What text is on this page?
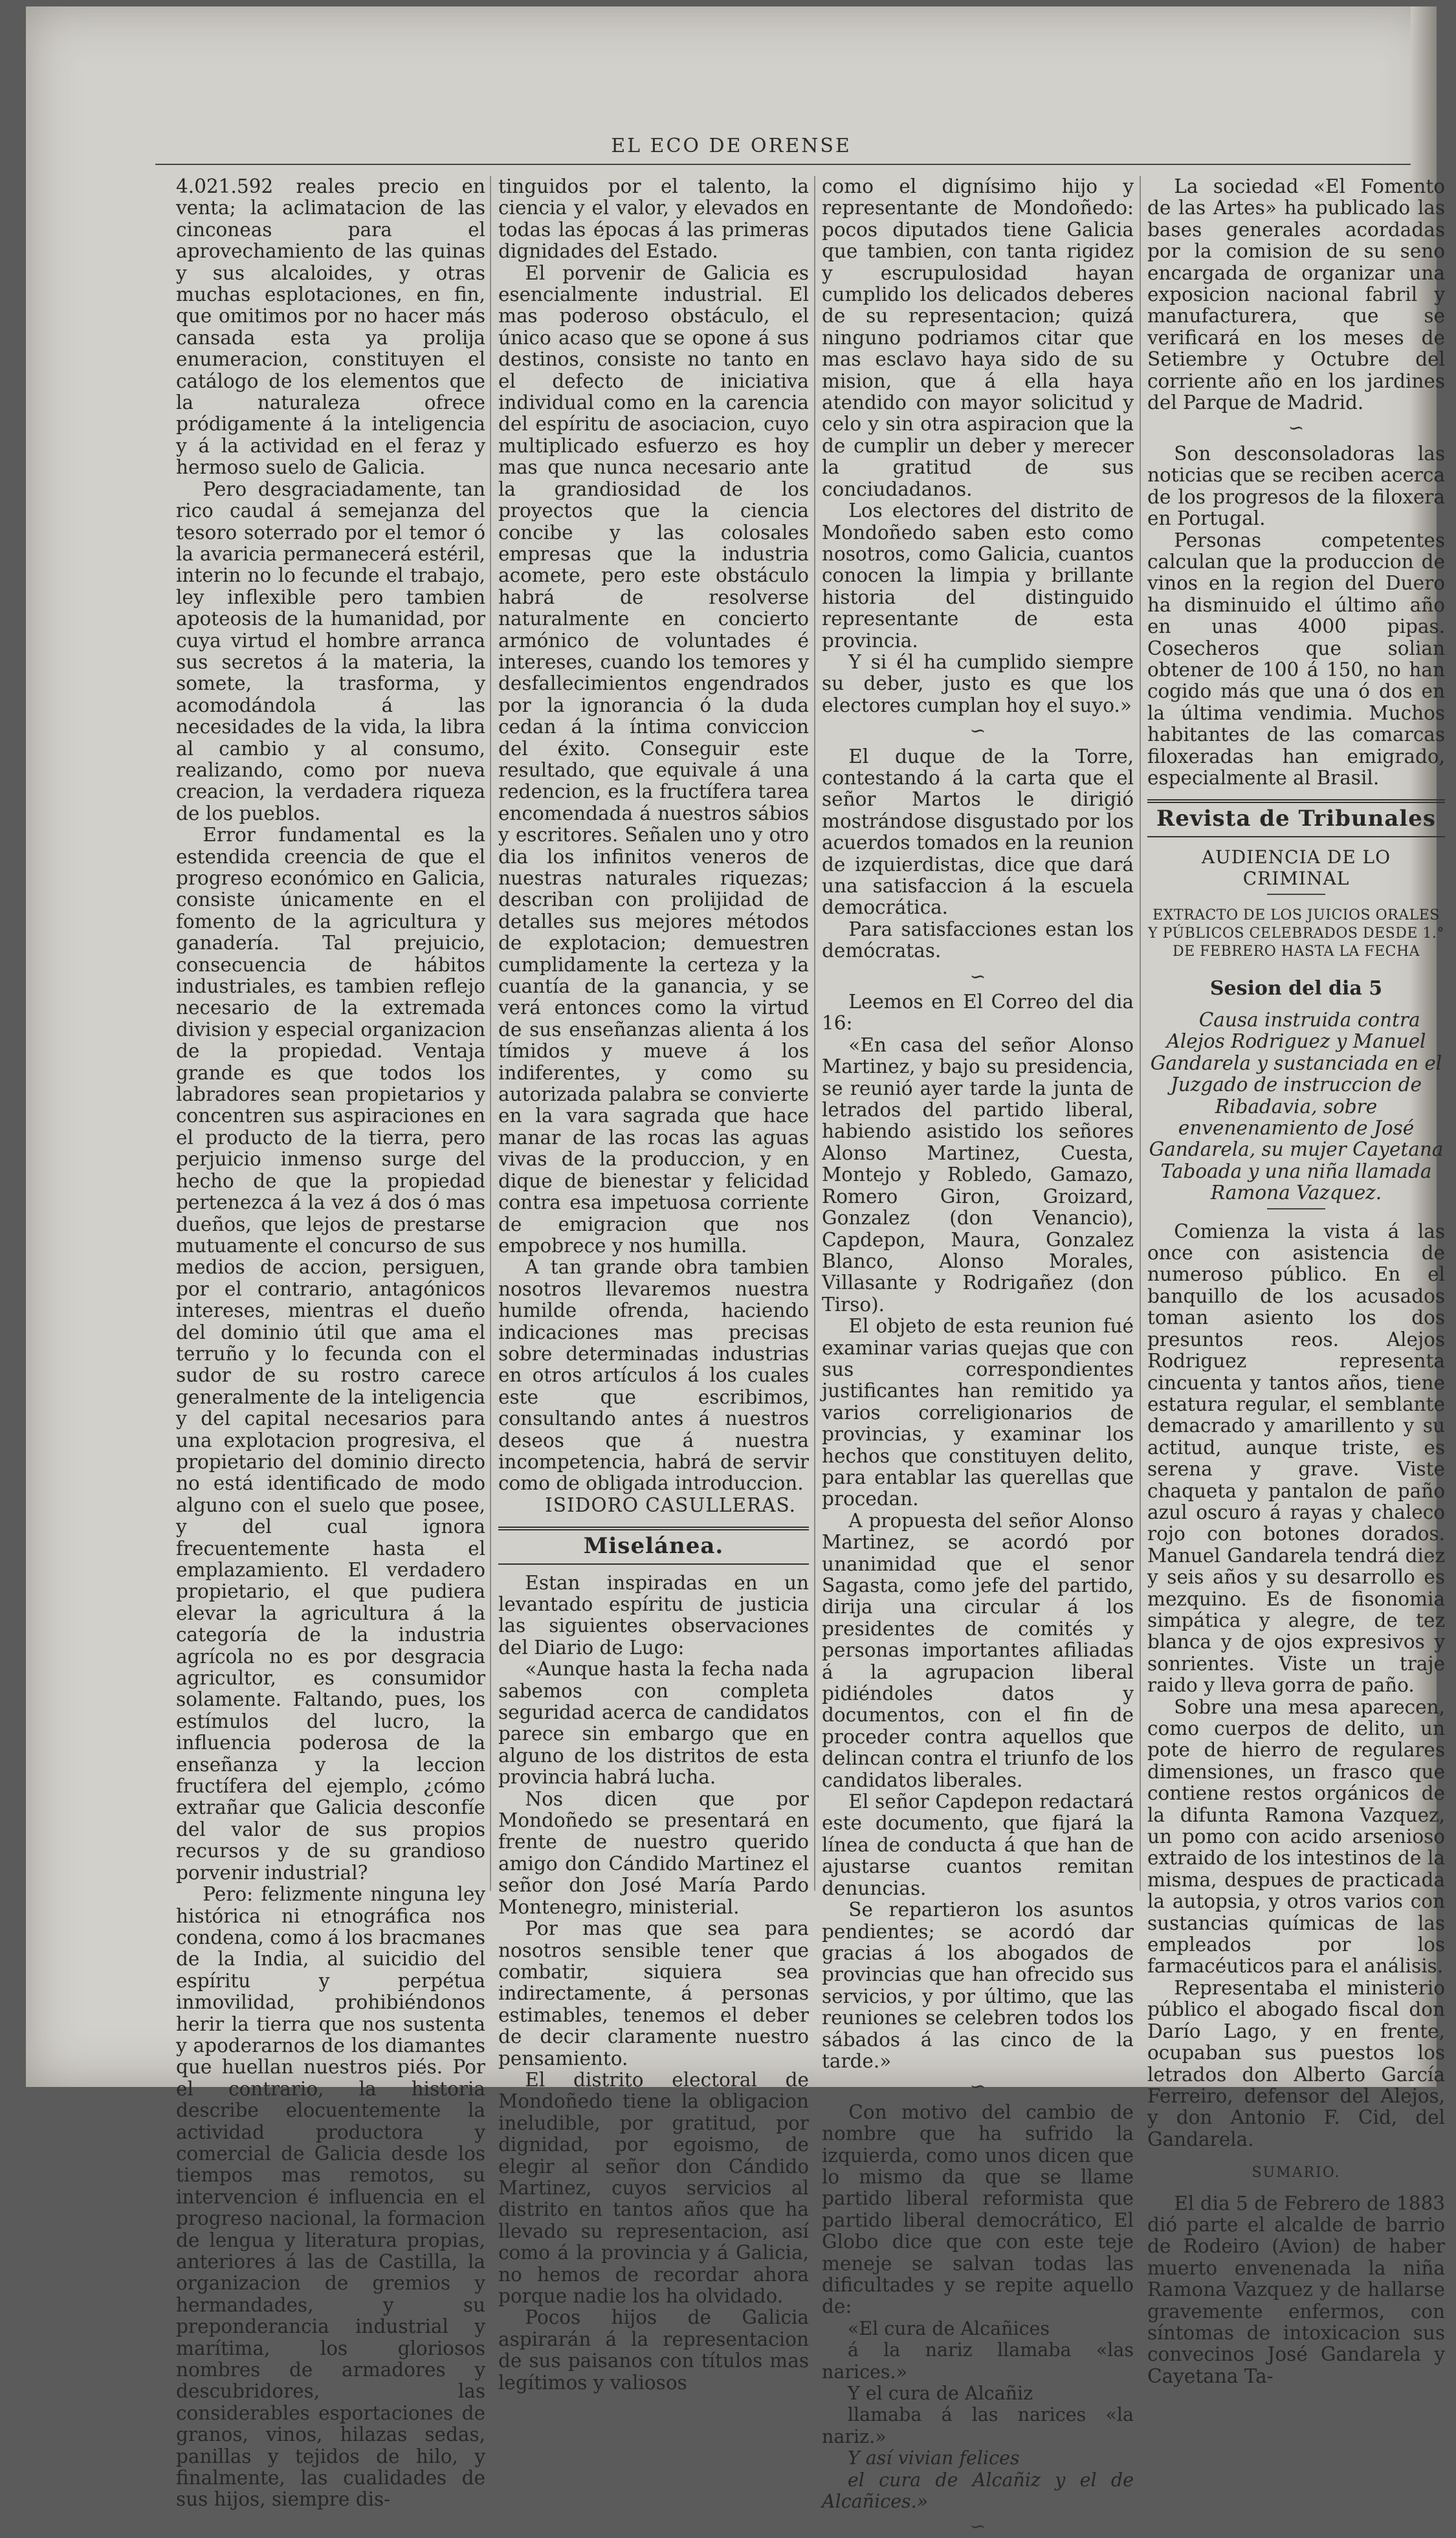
EL ECO DE ORENSE

4.021.592 reales precio en venta; la aclimatacion de las cinconeas para el aprovechamiento de las quinas y sus alcaloides, y otras muchas esplotaciones, en fin, que omitimos por no hacer más cansada esta ya prolija enumeracion, constituyen el catálogo de los elementos que la naturaleza ofrece pródigamente á la inteligencia y á la actividad en el feraz y hermoso suelo de Galicia.

Pero desgraciadamente, tan rico caudal á semejanza del tesoro soterrado por el temor ó la avaricia permanecerá estéril, interin no lo fecunde el trabajo, ley inflexible pero tambien apoteosis de la humanidad, por cuya virtud el hombre arranca sus secretos á la materia, la somete, la trasforma, y acomodándola á las necesidades de la vida, la libra al cambio y al consumo, realizando, como por nueva creacion, la verdadera riqueza de los pueblos.

Error fundamental es la estendida creencia de que el progreso económico en Galicia, consiste únicamente en el fomento de la agricultura y ganadería. Tal prejuicio, consecuencia de hábitos industriales, es tambien reflejo necesario de la extremada division y especial organizacion de la propiedad. Ventaja grande es que todos los labradores sean propietarios y concentren sus aspiraciones en el producto de la tierra, pero perjuicio inmenso surge del hecho de que la propiedad pertenezca á la vez á dos ó mas dueños, que lejos de prestarse mutuamente el concurso de sus medios de accion, persiguen, por el contrario, antagónicos intereses, mientras el dueño del dominio útil que ama el terruño y lo fecunda con el sudor de su rostro carece generalmente de la inteligencia y del capital necesarios para una explotacion progresiva, el propietario del dominio directo no está identificado de modo alguno con el suelo que posee, y del cual ignora frecuentemente hasta el emplazamiento. El verdadero propietario, el que pudiera elevar la agricultura á la categoría de la industria agrícola no es por desgracia agricultor, es consumidor solamente. Faltando, pues, los estímulos del lucro, la influencia poderosa de la enseñanza y la leccion fructífera del ejemplo, ¿cómo extrañar que Galicia desconfíe del valor de sus propios recursos y de su grandioso porvenir industrial?

Pero: felizmente ninguna ley histórica ni etnográfica nos condena, como á los bracmanes de la India, al suicidio del espíritu y perpétua inmovilidad, prohibiéndonos herir la tierra que nos sustenta y apoderarnos de los diamantes que huellan nuestros piés. Por el contrario, la historia describe elocuentemente la actividad productora y comercial de Galicia desde los tiempos mas remotos, su intervencion é influencia en el progreso nacional, la formacion de lengua y literatura propias, anteriores á las de Castilla, la organizacion de gremios y hermandades, y su preponderancia industrial y marítima, los gloriosos nombres de armadores y descubridores, las considerables esportaciones de granos, vinos, hilazas sedas, panillas y tejidos de hilo, y finalmente, las cualidades de sus hijos, siempre dis-

tinguidos por el talento, la ciencia y el valor, y elevados en todas las épocas á las primeras dignidades del Estado.

El porvenir de Galicia es esencialmente industrial. El mas poderoso obstáculo, el único acaso que se opone á sus destinos, consiste no tanto en el defecto de iniciativa individual como en la carencia del espíritu de asociacion, cuyo multiplicado esfuerzo es hoy mas que nunca necesario ante la grandiosidad de los proyectos que la ciencia concibe y las colosales empresas que la industria acomete, pero este obstáculo habrá de resolverse naturalmente en concierto armónico de voluntades é intereses, cuando los temores y desfallecimientos engendrados por la ignorancia ó la duda cedan á la íntima conviccion del éxito. Conseguir este resultado, que equivale á una redencion, es la fructífera tarea encomendada á nuestros sábios y escritores. Señalen uno y otro dia los infinitos veneros de nuestras naturales riquezas; describan con prolijidad de detalles sus mejores métodos de explotacion; demuestren cumplidamente la certeza y la cuantía de la ganancia, y se verá entonces como la virtud de sus enseñanzas alienta á los tímidos y mueve á los indiferentes, y como su autorizada palabra se convierte en la vara sagrada que hace manar de las rocas las aguas vivas de la produccion, y en dique de bienestar y felicidad contra esa impetuosa corriente de emigracion que nos empobrece y nos humilla.

A tan grande obra tambien nosotros llevaremos nuestra humilde ofrenda, haciendo indicaciones mas precisas sobre determinadas industrias en otros artículos á los cuales este que escribimos, consultando antes á nuestros deseos que á nuestra incompetencia, habrá de servir como de obligada introduccion.

ISIDORO CASULLERAS.

Miselánea.

Estan inspiradas en un levantado espíritu de justicia las siguientes observaciones del Diario de Lugo:

«Aunque hasta la fecha nada sabemos con completa seguridad acerca de candidatos parece sin embargo que en alguno de los distritos de esta provincia habrá lucha.

Nos dicen que por Mondoñedo se presentará en frente de nuestro querido amigo don Cándido Martinez el señor don José María Pardo Montenegro, ministerial.

Por mas que sea para nosotros sensible tener que combatir, siquiera sea indirectamente, á personas estimables, tenemos el deber de decir claramente nuestro pensamiento.

El distrito electoral de Mondoñedo tiene la obligacion ineludible, por gratitud, por dignidad, por egoismo, de elegir al señor don Cándido Martinez, cuyos servicios al distrito en tantos años que ha llevado su representacion, así como á la provincia y á Galicia, no hemos de recordar ahora porque nadie los ha olvidado.

Pocos hijos de Galicia aspirarán á la representacion de sus paisanos con títulos mas legítimos y valiosos

como el dignísimo hijo y representante de Mondoñedo: pocos diputados tiene Galicia que tambien, con tanta rigidez y escrupulosidad hayan cumplido los delicados deberes de su representacion; quizá ninguno podriamos citar que mas esclavo haya sido de su mision, que á ella haya atendido con mayor solicitud y celo y sin otra aspiracion que la de cumplir un deber y merecer la gratitud de sus conciudadanos.

Los electores del distrito de Mondoñedo saben esto como nosotros, como Galicia, cuantos conocen la limpia y brillante historia del distinguido representante de esta provincia.

Y si él ha cumplido siempre su deber, justo es que los electores cumplan hoy el suyo.»

∽

El duque de la Torre, contestando á la carta que el señor Martos le dirigió mostrándose disgustado por los acuerdos tomados en la reunion de izquierdistas, dice que dará una satisfaccion á la escuela democrática.

Para satisfacciones estan los demócratas.

∽

Leemos en El Correo del dia 16:

«En casa del señor Alonso Martinez, y bajo su presidencia, se reunió ayer tarde la junta de letrados del partido liberal, habiendo asistido los señores Alonso Martinez, Cuesta, Montejo y Robledo, Gamazo, Romero Giron, Groizard, Gonzalez (don Venancio), Capdepon, Maura, Gonzalez Blanco, Alonso Morales, Villasante y Rodrigañez (don Tirso).

El objeto de esta reunion fué examinar varias quejas que con sus correspondientes justificantes han remitido ya varios correligionarios de provincias, y examinar los hechos que constituyen delito, para entablar las querellas que procedan.

A propuesta del señor Alonso Martinez, se acordó por unanimidad que el senor Sagasta, como jefe del partido, dirija una circular á los presidentes de comités y personas importantes afiliadas á la agrupacion liberal pidiéndoles datos y documentos, con el fin de proceder contra aquellos que delincan contra el triunfo de los candidatos liberales.

El señor Capdepon redactará este documento, que fijará la línea de conducta á que han de ajustarse cuantos remitan denuncias.

Se repartieron los asuntos pendientes; se acordó dar gracias á los abogados de provincias que han ofrecido sus servicios, y por último, que las reuniones se celebren todos los sábados á las cinco de la tarde.»

∽

Con motivo del cambio de nombre que ha sufrido la izquierda, como unos dicen que lo mismo da que se llame partido liberal reformista que partido liberal democrático, El Globo dice que con este teje meneje se salvan todas las dificultades y se repite aquello de:

«El cura de Alcañices

á la nariz llamaba «las narices.»

Y el cura de Alcañiz

llamaba á las narices «la nariz.»

Y así vivian felices

el cura de Alcañiz y el de Alcañices.»

∽

La sociedad «El Fomento de las Artes» ha publicado las bases generales acordadas por la comision de su seno encargada de organizar una exposicion nacional fabril y manufacturera, que se verificará en los meses de Setiembre y Octubre del corriente año en los jardines del Parque de Madrid.

∽

Son desconsoladoras las noticias que se reciben acerca de los progresos de la filoxera en Portugal.

Personas competentes calculan que la produccion de vinos en la region del Duero ha disminuido el último año en unas 4000 pipas. Cosecheros que solian obtener de 100 á 150, no han cogido más que una ó dos en la última vendimia. Muchos habitantes de las comarcas filoxeradas han emigrado, especialmente al Brasil.

Revista de Tribunales
AUDIENCIA DE LO CRIMINAL
EXTRACTO DE LOS JUICIOS ORALES Y PÚBLICOS CELEBRADOS DESDE 1.° DE FEBRERO HASTA LA FECHA
Sesion del dia 5

Causa instruida contra Alejos Rodriguez y Manuel Gandarela y sustanciada en el Juzgado de instruccion de Ribadavia, sobre envenenamiento de José Gandarela, su mujer Cayetana Taboada y una niña llamada Ramona Vazquez.

Comienza la vista á las once con asistencia de numeroso público. En el banquillo de los acusados toman asiento los dos presuntos reos. Alejos Rodriguez representa cincuenta y tantos años, tiene estatura regular, el semblante demacrado y amarillento y su actitud, aunque triste, es serena y grave. Viste chaqueta y pantalon de paño azul oscuro á rayas y chaleco rojo con botones dorados. Manuel Gandarela tendrá diez y seis años y su desarrollo es mezquino. Es de fisonomia simpática y alegre, de tez blanca y de ojos expresivos y sonrientes. Viste un traje raido y lleva gorra de paño.

Sobre una mesa aparecen, como cuerpos de delito, un pote de hierro de regulares dimensiones, un frasco que contiene restos orgánicos de la difunta Ramona Vazquez, un pomo con acido arsenioso extraido de los intestinos de la misma, despues de practicada la autopsia, y otros varios con sustancias químicas de las empleados por los farmacéuticos para el análisis.

Representaba el ministerio público el abogado fiscal don Darío Lago, y en frente, ocupaban sus puestos los letrados don Alberto García Ferreiro, defensor del Alejos, y don Antonio F. Cid, del Gandarela.

SUMARIO.

El dia 5 de Febrero de 1883 dió parte el alcalde de barrio de Rodeiro (Avion) de haber muerto envenenada la niña Ramona Vazquez y de hallarse gravemente enfermos, con síntomas de intoxicacion sus convecinos José Gandarela y Cayetana Ta-
